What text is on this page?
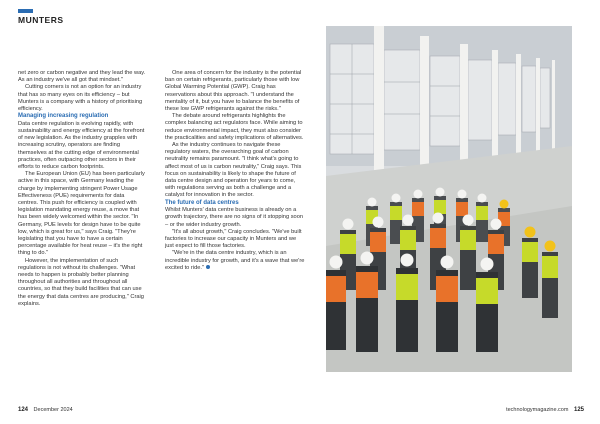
MUNTERS

net zero or carbon negative and they lead the way. As an industry we've all got that mindset."

Cutting corners is not an option for an industry that has so many eyes on its efficiency – but Munters is a company with a history of prioritising efficiency.

Managing increasing regulation

Data centre regulation is evolving rapidly, with sustainability and energy efficiency at the forefront of new legislation. As the industry grapples with increasing scrutiny, operators are finding themselves at the cutting edge of environmental practices, often outpacing other sectors in their efforts to reduce carbon footprints.

The European Union (EU) has been particularly active in this space, with Germany leading the charge by implementing stringent Power Usage Effectiveness (PUE) requirements for data centres. This push for efficiency is coupled with legislation mandating energy reuse, a move that has been widely welcomed within the sector. "In Germany, PUE levels for design have to be quite low, which is great for us," says Craig. "They're legislating that you have to have a certain percentage available for heat reuse – it's the right thing to do."

However, the implementation of such regulations is not without its challenges. "What needs to happen is probably better planning throughout all authorities and throughout all countries, so that they build facilities that can use the energy that data centres are producing," Craig explains.

One area of concern for the industry is the potential ban on certain refrigerants, particularly those with low Global Warming Potential (GWP). Craig has reservations about this approach. "I understand the mentality of it, but you have to balance the benefits of these low GWP refrigerants against the risks."

The debate around refrigerants highlights the complex balancing act regulators face. While aiming to reduce environmental impact, they must also consider the practicalities and safety implications of alternatives.

As the industry continues to navigate these regulatory waters, the overarching goal of carbon neutrality remains paramount. "I think what's going to affect most of us is carbon neutrality," Craig says. This focus on sustainability is likely to shape the future of data centre design and operation for years to come, with regulations serving as both a challenge and a catalyst for innovation in the sector.

The future of data centres

Whilst Munters' data centre business is already on a growth trajectory, there are no signs of it stopping soon – or the wider industry growth.

"It's all about growth," Craig concludes. "We've built factories to increase our capacity in Munters and we just expect to fill those factories.

"We're in the data centre industry, which is an incredible industry for growth, and it's a wave that we're excited to ride."

124 December 2024	technologymagazine.com 125
